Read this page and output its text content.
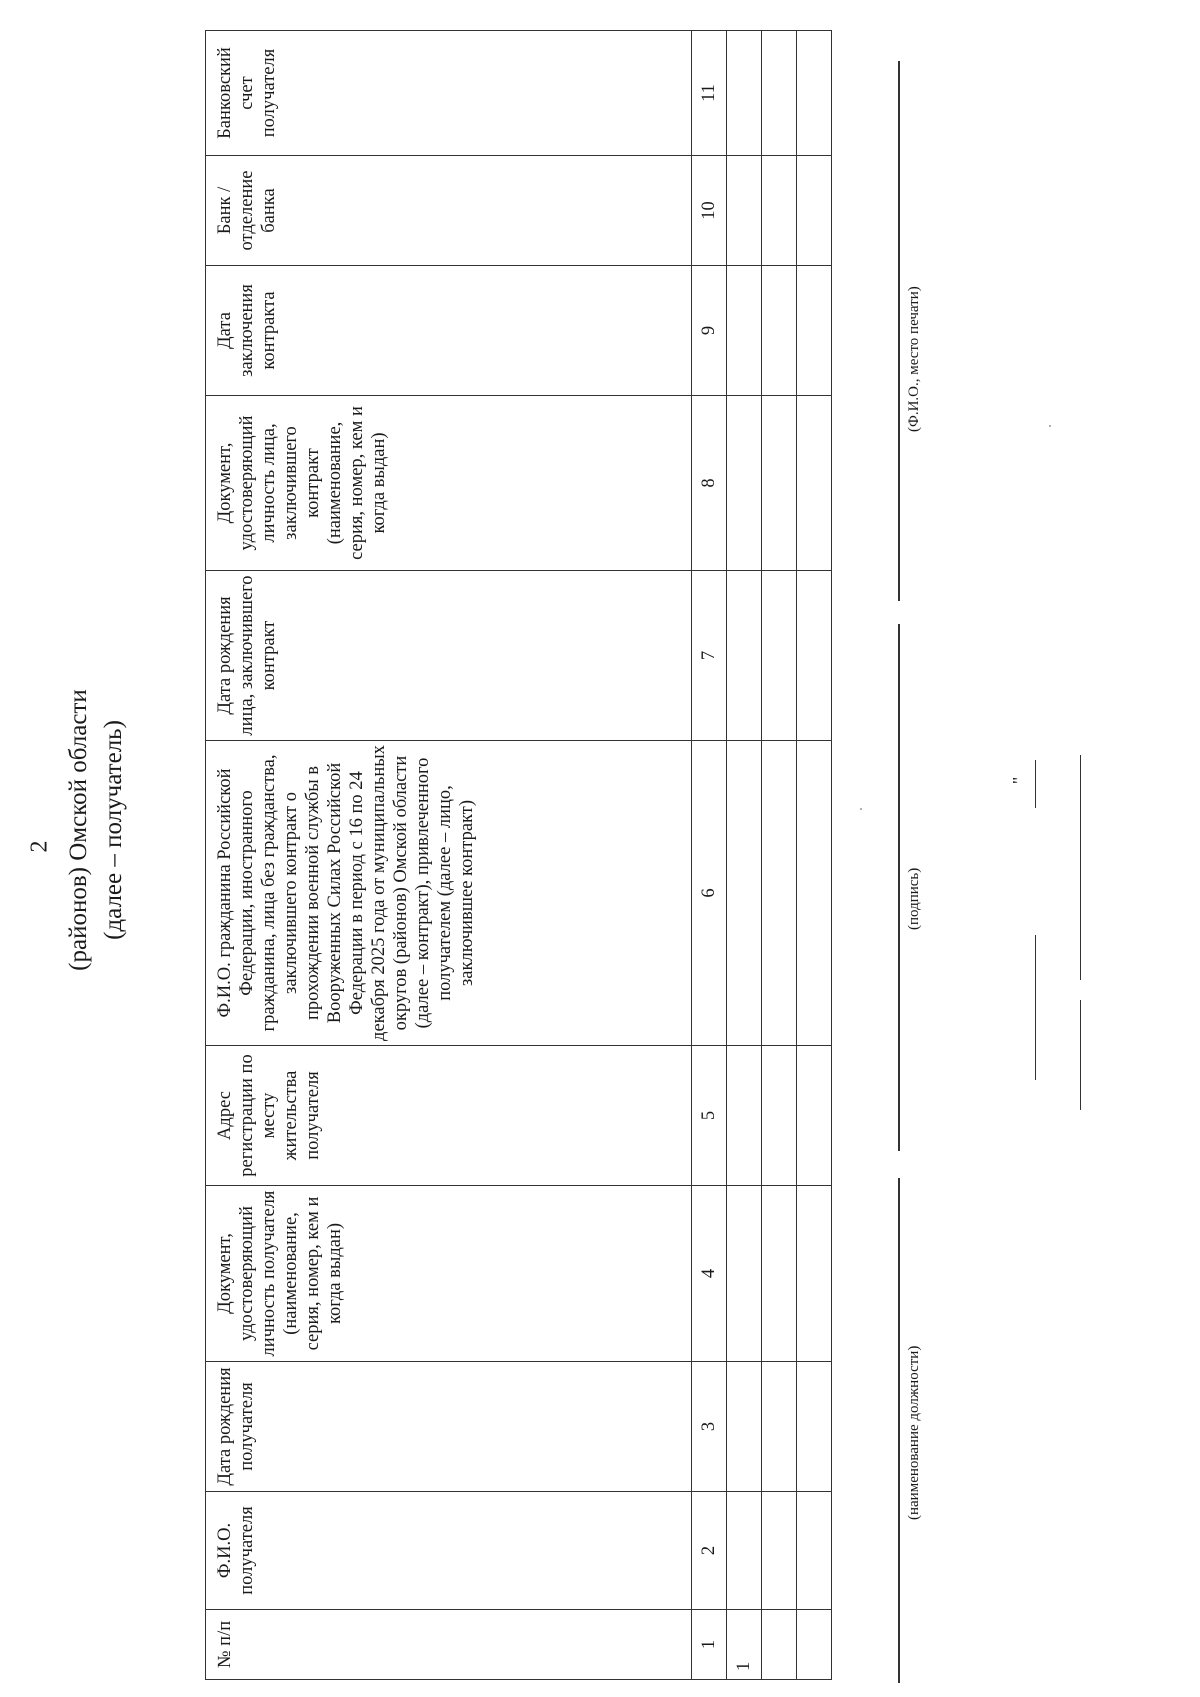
2 (районов) Омской области (далее – получатель)
№ п/п	Ф.И.О. получателя	Дата рождения получателя	Документ, удостоверяющий личность получателя (наименование, серия, номер, кем и когда выдан)	Адрес регистрации по месту жительства получателя	Ф.И.О. гражданина Российской Федерации, иностранного гражданина, лица без гражданства, заключившего контракт о прохождении военной службы в Вооруженных Силах Российской Федерации в период с 16 по 24 декабря 2025 года от муниципальных округов (районов) Омской области (далее – контракт), привлеченного получателем (далее – лицо, заключившее контракт)	Дата рождения лица, заключившего контракт	Документ, удостоверяющий личность лица, заключившего контракт (наименование, серия, номер, кем и когда выдан)	Дата заключения контракта	Банк / отделение банка	Банковский счет получателя
1	2	3	4	5	6	7	8	9	10	11
1										

(наименование должности)
(подпись)
(Ф.И.О., место печати)
"
